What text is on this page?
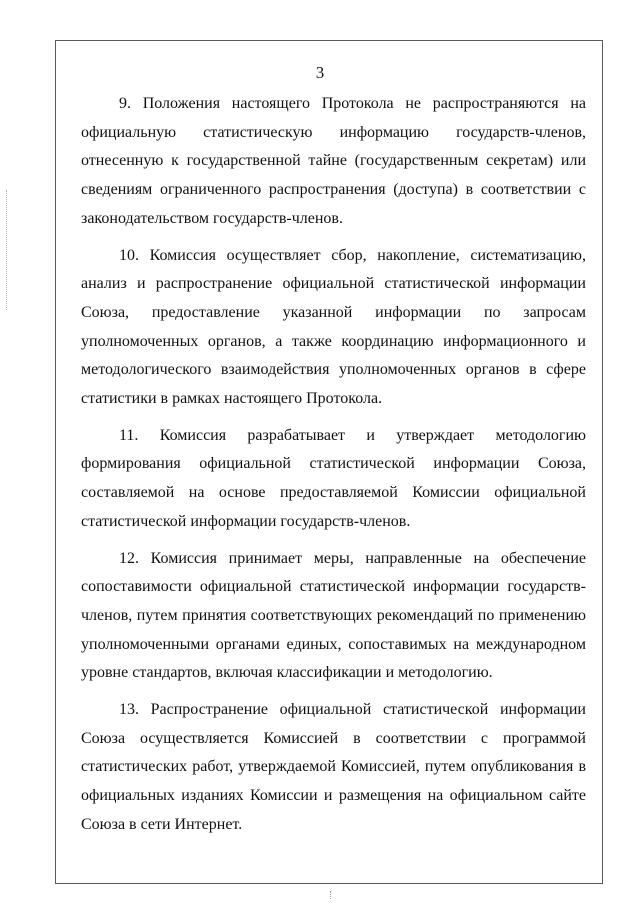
3

9. Положения настоящего Протокола не распространяются на официальную статистическую информацию государств-членов, отнесенную к государственной тайне (государственным секретам) или сведениям ограниченного распространения (доступа) в соответствии с законодательством государств-членов.

10. Комиссия осуществляет сбор, накопление, систематизацию, анализ и распространение официальной статистической информации Союза, предоставление указанной информации по запросам уполномоченных органов, а также координацию информационного и методологического взаимодействия уполномоченных органов в сфере статистики в рамках настоящего Протокола.

11. Комиссия разрабатывает и утверждает методологию формирования официальной статистической информации Союза, составляемой на основе предоставляемой Комиссии официальной статистической информации государств-членов.

12. Комиссия принимает меры, направленные на обеспечение сопоставимости официальной статистической информации государств-членов, путем принятия соответствующих рекомендаций по применению уполномоченными органами единых, сопоставимых на международном уровне стандартов, включая классификации и методологию.

13. Распространение официальной статистической информации Союза осуществляется Комиссией в соответствии с программой статистических работ, утверждаемой Комиссией, путем опубликования в официальных изданиях Комиссии и размещения на официальном сайте Союза в сети Интернет.
